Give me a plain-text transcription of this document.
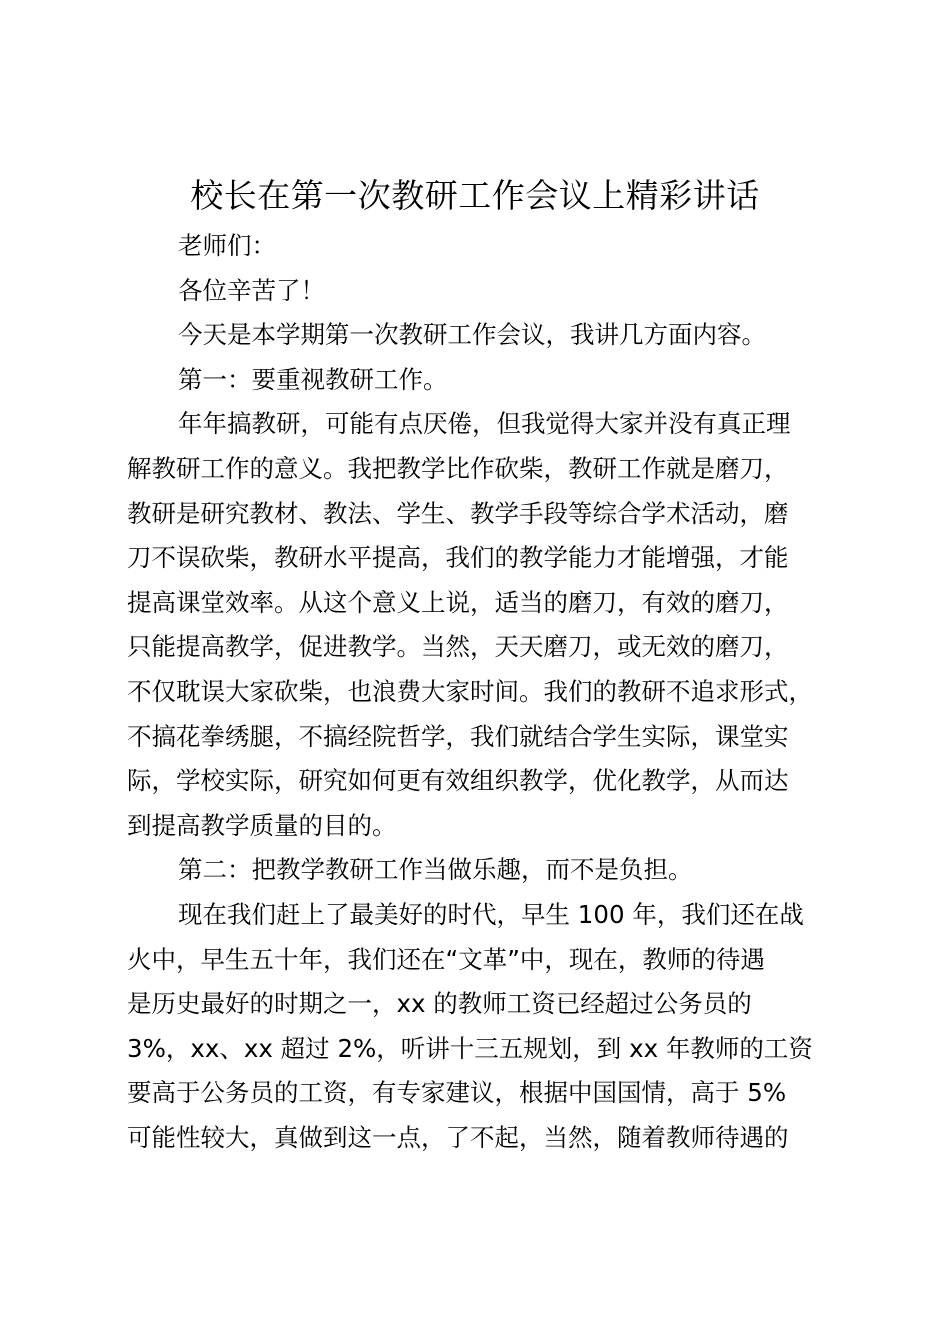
校长在第一次教研工作会议上精彩讲话
老师们：
各位辛苦了！
今天是本学期第一次教研工作会议，我讲几方面内容。
第一：要重视教研工作。
年年搞教研，可能有点厌倦，但我觉得大家并没有真正理
解教研工作的意义。我把教学比作砍柴，教研工作就是磨刀，
教研是研究教材、教法、学生、教学手段等综合学术活动，磨
刀不误砍柴，教研水平提高，我们的教学能力才能增强，才能
提高课堂效率。从这个意义上说，适当的磨刀，有效的磨刀，
只能提高教学，促进教学。当然，天天磨刀，或无效的磨刀，
不仅耽误大家砍柴，也浪费大家时间。我们的教研不追求形式，
不搞花拳绣腿，不搞经院哲学，我们就结合学生实际，课堂实
际，学校实际，研究如何更有效组织教学，优化教学，从而达
到提高教学质量的目的。
第二：把教学教研工作当做乐趣，而不是负担。
现在我们赶上了最美好的时代，早生 100 年，我们还在战
火中，早生五十年，我们还在“文革”中，现在，教师的待遇
是历史最好的时期之一，xx 的教师工资已经超过公务员的
3%，xx、xx 超过 2%，听讲十三五规划，到 xx 年教师的工资
要高于公务员的工资，有专家建议，根据中国国情，高于 5%
可能性较大，真做到这一点，了不起，当然，随着教师待遇的
